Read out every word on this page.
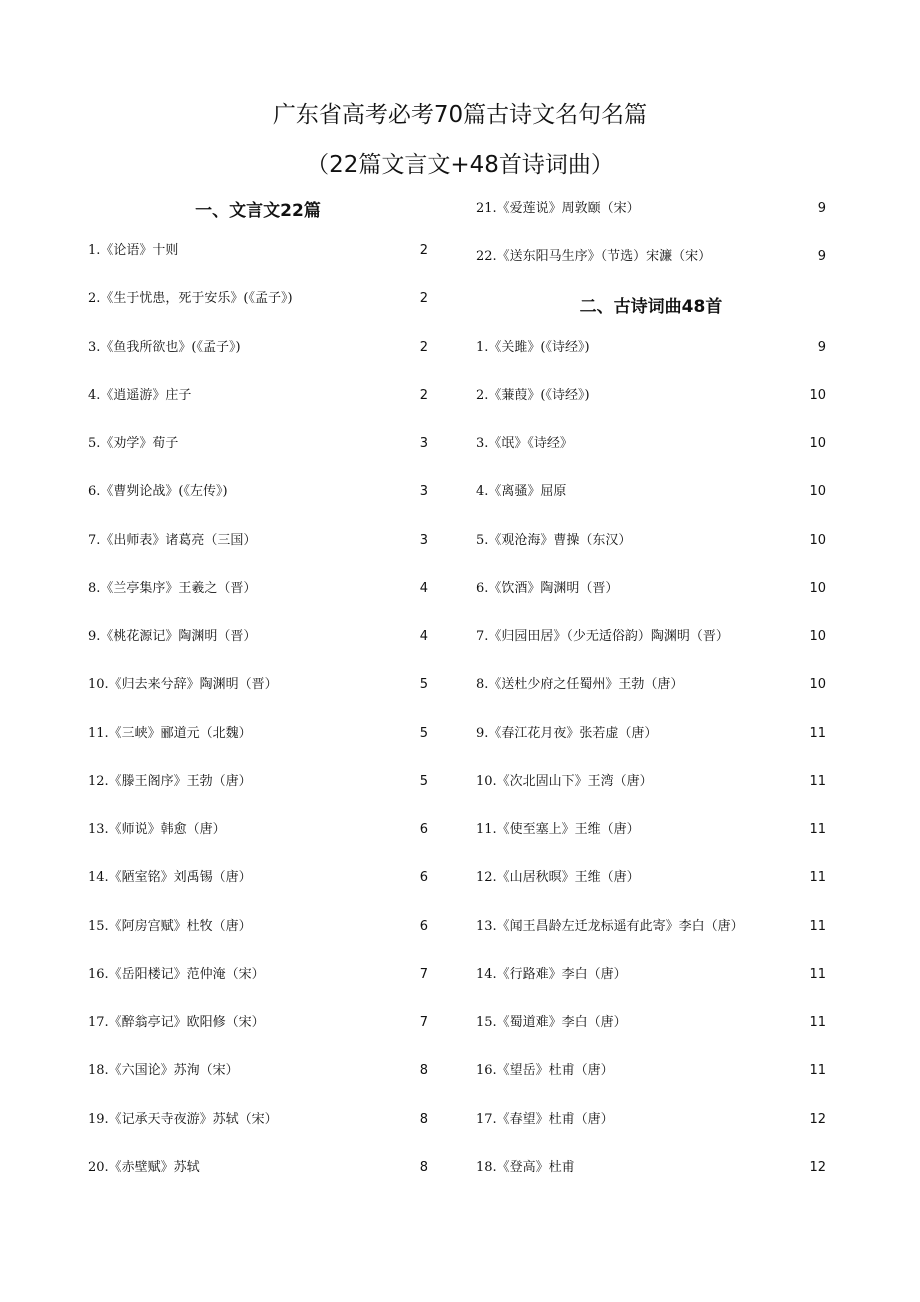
广东省高考必考70篇古诗文名句名篇
（22篇文言文+48首诗词曲）
一、文言文22篇
1.《论语》十则	2
2.《生于忧患，死于安乐》(《孟子》)	2
3.《鱼我所欲也》(《孟子》)	2
4.《逍遥游》庄子	2
5.《劝学》荀子	3
6.《曹刿论战》(《左传》)	3
7.《出师表》诸葛亮（三国）	3
8.《兰亭集序》王羲之（晋）	4
9.《桃花源记》陶渊明（晋）	4
10.《归去来兮辞》陶渊明（晋）	5
11.《三峡》郦道元（北魏）	5
12.《滕王阁序》王勃（唐）	5
13.《师说》韩愈（唐）	6
14.《陋室铭》刘禹锡（唐）	6
15.《阿房宫赋》杜牧（唐）	6
16.《岳阳楼记》范仲淹（宋）	7
17.《醉翁亭记》欧阳修（宋）	7
18.《六国论》苏洵（宋）	8
19.《记承天寺夜游》苏轼（宋）	8
20.《赤壁赋》苏轼	8
二、古诗词曲48首
21.《爱莲说》周敦颐（宋）	9
22.《送东阳马生序》（节选）宋濂（宋）	9
1.《关雎》(《诗经》)	9
2.《蒹葭》(《诗经》)	10
3.《氓》《诗经》	10
4.《离骚》屈原	10
5.《观沧海》曹操（东汉）	10
6.《饮酒》陶渊明（晋）	10
7.《归园田居》（少无适俗韵）陶渊明（晋）	10
8.《送杜少府之任蜀州》王勃（唐）	10
9.《春江花月夜》张若虚（唐）	11
10.《次北固山下》王湾（唐）	11
11.《使至塞上》王维（唐）	11
12.《山居秋暝》王维（唐）	11
13.《闻王昌龄左迁龙标遥有此寄》李白（唐）	11
14.《行路难》李白（唐）	11
15.《蜀道难》李白（唐）	11
16.《望岳》杜甫（唐）	11
17.《春望》杜甫（唐）	12
18.《登高》杜甫	12
